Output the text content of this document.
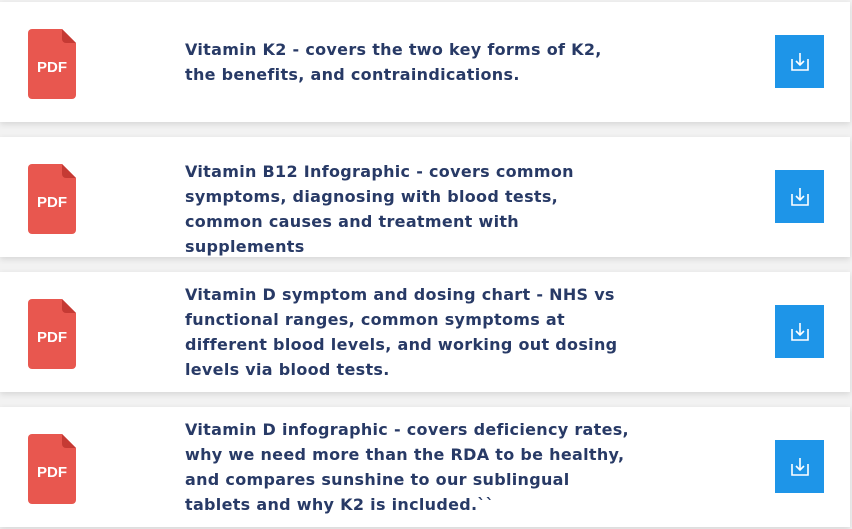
PDF
Vitamin K2 - covers the two key forms of K2, the benefits, and contraindications.
PDF
Vitamin B12 Infographic - covers common symptoms, diagnosing with blood tests, common causes and treatment with supplements
PDF
Vitamin D symptom and dosing chart - NHS vs functional ranges, common symptoms at different blood levels, and working out dosing levels via blood tests.
PDF
Vitamin D infographic - covers deficiency rates, why we need more than the RDA to be healthy, and compares sunshine to our sublingual tablets and why K2 is included.``
